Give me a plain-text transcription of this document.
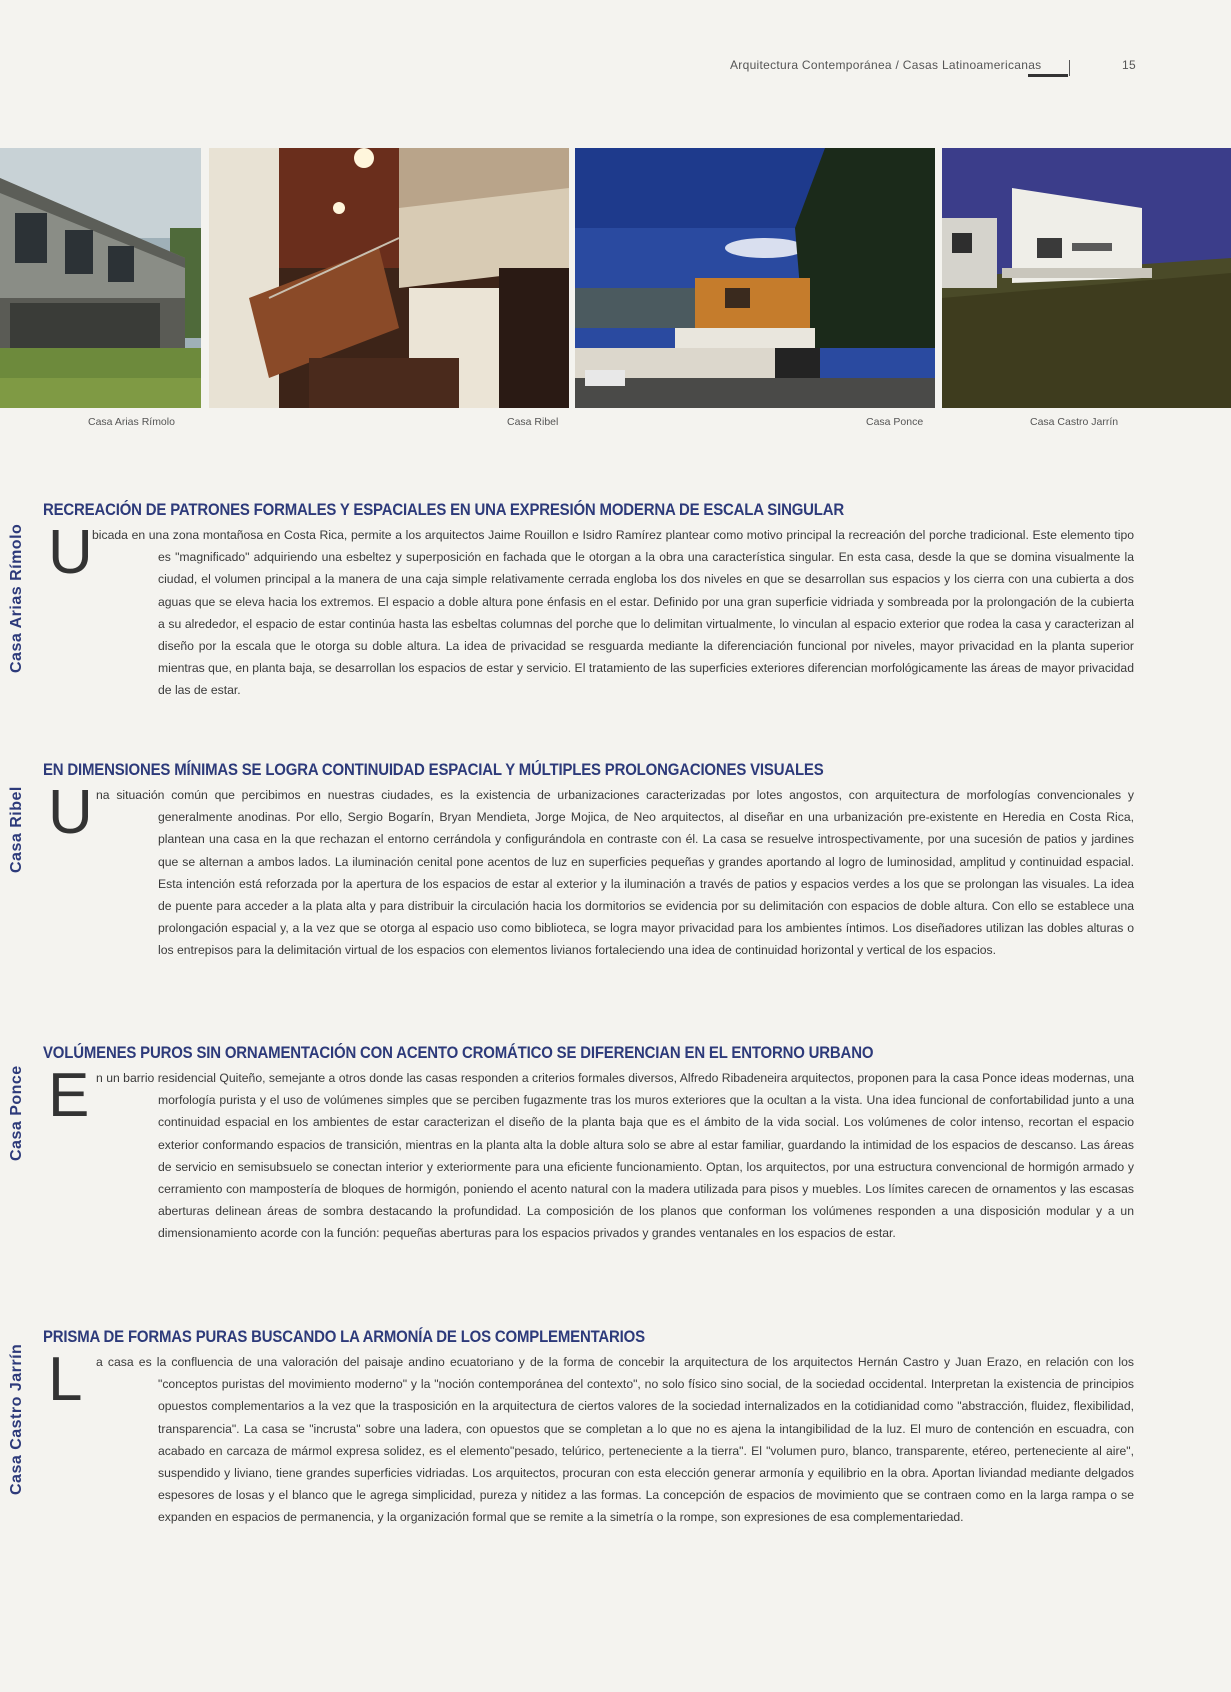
Arquitectura Contemporánea / Casas Latinoamericanas	15
Casa Arias Rímolo	Casa Ribel	Casa Ponce	Casa Castro Jarrín
Casa Arias Rímolo
RECREACIÓN DE PATRONES FORMALES Y ESPACIALES EN UNA EXPRESIÓN MODERNA DE ESCALA SINGULAR
U bicada en una zona montañosa en Costa Rica, permite a los arquitectos Jaime Rouillon e Isidro Ramírez plantear como motivo principal la recreación del porche tradicional. Este elemento tipo es "magnificado" adquiriendo una esbeltez y superposición en fachada que le otorgan a la obra una característica singular. En esta casa, desde la que se domina visualmente la ciudad, el volumen principal a la manera de una caja simple relativamente cerrada engloba los dos niveles en que se desarrollan sus espacios y los cierra con una cubierta a dos aguas que se eleva hacia los extremos. El espacio a doble altura pone énfasis en el estar. Definido por una gran superficie vidriada y sombreada por la prolongación de la cubierta a su alrededor, el espacio de estar continúa hasta las esbeltas columnas del porche que lo delimitan virtualmente, lo vinculan al espacio exterior que rodea la casa y caracterizan al diseño por la escala que le otorga su doble altura. La idea de privacidad se resguarda mediante la diferenciación funcional por niveles, mayor privacidad en la planta superior mientras que, en planta baja, se desarrollan los espacios de estar y servicio. El tratamiento de las superficies exteriores diferencian morfológicamente las áreas de mayor privacidad de las de estar.

Casa Ribel
EN DIMENSIONES MÍNIMAS SE LOGRA CONTINUIDAD ESPACIAL Y MÚLTIPLES PROLONGACIONES VISUALES
U na situación común que percibimos en nuestras ciudades, es la existencia de urbanizaciones caracterizadas por lotes angostos, con arquitectura de morfologías convencionales y generalmente anodinas. Por ello, Sergio Bogarín, Bryan Mendieta, Jorge Mojica, de Neo arquitectos, al diseñar en una urbanización pre-existente en Heredia en Costa Rica, plantean una casa en la que rechazan el entorno cerrándola y configurándola en contraste con él. La casa se resuelve introspectivamente, por una sucesión de patios y jardines que se alternan a ambos lados. La iluminación cenital pone acentos de luz en superficies pequeñas y grandes aportando al logro de luminosidad, amplitud y continuidad espacial. Esta intención está reforzada por la apertura de los espacios de estar al exterior y la iluminación a través de patios y espacios verdes a los que se prolongan las visuales. La idea de puente para acceder a la plata alta y para distribuir la circulación hacia los dormitorios se evidencia por su delimitación con espacios de doble altura. Con ello se establece una prolongación espacial y, a la vez que se otorga al espacio uso como biblioteca, se logra mayor privacidad para los ambientes íntimos. Los diseñadores utilizan las dobles alturas o los entrepisos para la delimitación virtual de los espacios con elementos livianos fortaleciendo una idea de continuidad horizontal y vertical de los espacios.

Casa Ponce
VOLÚMENES PUROS SIN ORNAMENTACIÓN CON ACENTO CROMÁTICO SE DIFERENCIAN EN EL ENTORNO URBANO
E n un barrio residencial Quiteño, semejante a otros donde las casas responden a criterios formales diversos, Alfredo Ribadeneira arquitectos, proponen para la casa Ponce ideas modernas, una morfología purista y el uso de volúmenes simples que se perciben fugazmente tras los muros exteriores que la ocultan a la vista. Una idea funcional de confortabilidad junto a una continuidad espacial en los ambientes de estar caracterizan el diseño de la planta baja que es el ámbito de la vida social. Los volúmenes de color intenso, recortan el espacio exterior conformando espacios de transición, mientras en la planta alta la doble altura solo se abre al estar familiar, guardando la intimidad de los espacios de descanso. Las áreas de servicio en semisubsuelo se conectan interior y exteriormente para una eficiente funcionamiento. Optan, los arquitectos, por una estructura convencional de hormigón armado y cerramiento con mampostería de bloques de hormigón, poniendo el acento natural con la madera utilizada para pisos y muebles. Los límites carecen de ornamentos y las escasas aberturas delinean áreas de sombra destacando la profundidad. La composición de los planos que conforman los volúmenes responden a una disposición modular y a un dimensionamiento acorde con la función: pequeñas aberturas para los espacios privados y grandes ventanales en los espacios de estar.

Casa Castro Jarrín
PRISMA DE FORMAS PURAS BUSCANDO LA ARMONÍA DE LOS COMPLEMENTARIOS
L a casa es la confluencia de una valoración del paisaje andino ecuatoriano y de la forma de concebir la arquitectura de los arquitectos Hernán Castro y Juan Erazo, en relación con los "conceptos puristas del movimiento moderno" y la "noción contemporánea del contexto", no solo físico sino social, de la sociedad occidental. Interpretan la existencia de principios opuestos complementarios a la vez que la trasposición en la arquitectura de ciertos valores de la sociedad internalizados en la cotidianidad como "abstracción, fluidez, flexibilidad, transparencia". La casa se "incrusta" sobre una ladera, con opuestos que se completan a lo que no es ajena la intangibilidad de la luz. El muro de contención en escuadra, con acabado en carcaza de mármol expresa solidez, es el elemento"pesado, telúrico, perteneciente a la tierra". El "volumen puro, blanco, transparente, etéreo, perteneciente al aire", suspendido y liviano, tiene grandes superficies vidriadas. Los arquitectos, procuran con esta elección generar armonía y equilibrio en la obra. Aportan liviandad mediante delgados espesores de losas y el blanco que le agrega simplicidad, pureza y nitidez a las formas. La concepción de espacios de movimiento que se contraen como en la larga rampa o se expanden en espacios de permanencia, y la organización formal que se remite a la simetría o la rompe, son expresiones de esa complementariedad.
